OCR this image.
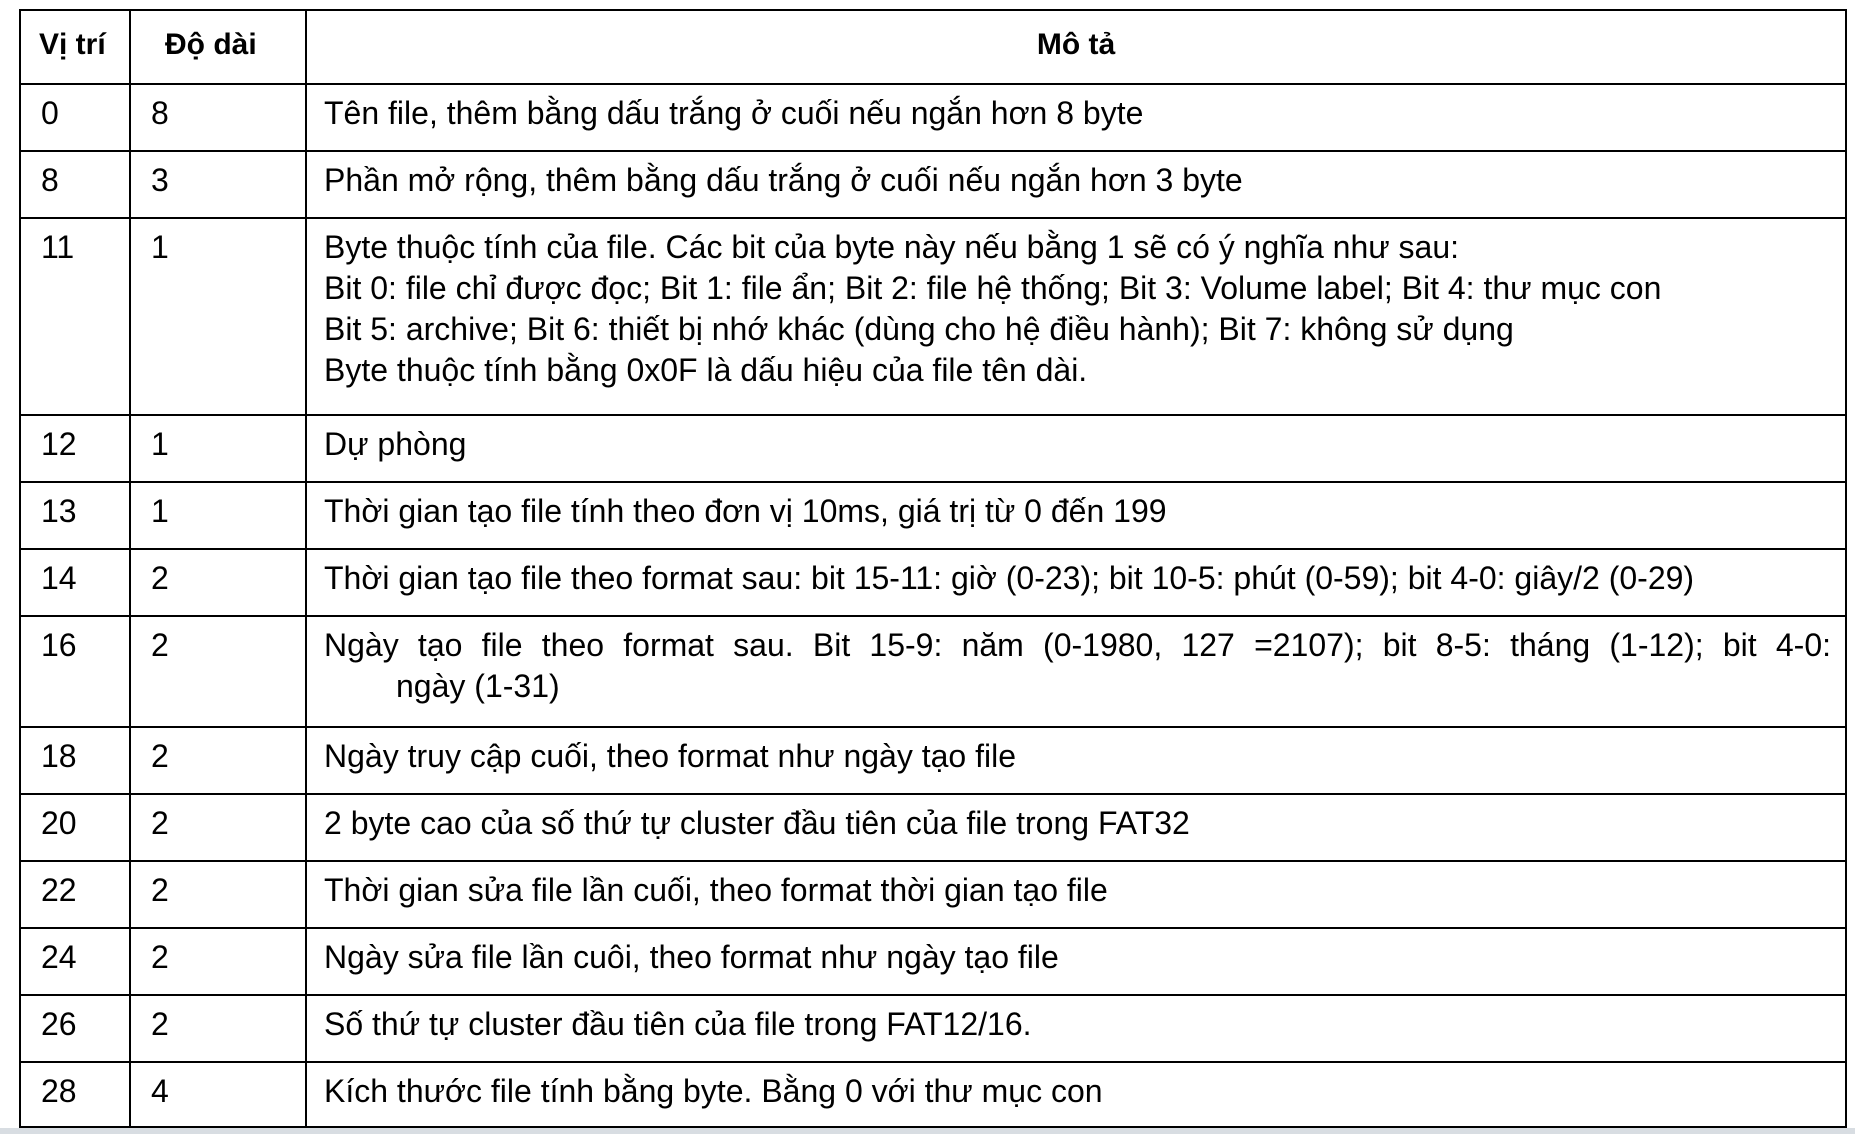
Vị trí	Độ dài	Mô tả
0	8	Tên file, thêm bằng dấu trắng ở cuối nếu ngắn hơn 8 byte

8	3	Phần mở rộng, thêm bằng dấu trắng ở cuối nếu ngắn hơn 3 byte

11	1	Byte thuộc tính của file. Các bit của byte này nếu bằng 1 sẽ có ý nghĩa như sau:
Bit 0: file chỉ được đọc; Bit 1: file ẩn; Bit 2: file hệ thống; Bit 3: Volume label; Bit 4: thư mục con
Bit 5: archive; Bit 6: thiết bị nhớ khác (dùng cho hệ điều hành); Bit 7: không sử dụng
Byte thuộc tính bằng 0x0F là dấu hiệu của file tên dài.

12	1	Dự phòng

13	1	Thời gian tạo file tính theo đơn vị 10ms, giá trị từ 0 đến 199

14	2	Thời gian tạo file theo format sau: bit 15-11: giờ (0-23); bit 10-5: phút (0-59); bit 4-0: giây/2 (0-29)

16	2	Ngày tạo file theo format sau. Bit 15-9: năm (0-1980, 127 =2107); bit 8-5: tháng (1-12); bit 4-0:
ngày (1-31)

18	2	Ngày truy cập cuối, theo format như ngày tạo file

20	2	2 byte cao của số thứ tự cluster đầu tiên của file trong FAT32

22	2	Thời gian sửa file lần cuối, theo format thời gian tạo file

24	2	Ngày sửa file lần cuôi, theo format như ngày tạo file

26	2	Số thứ tự cluster đầu tiên của file trong FAT12/16.

28	4	Kích thước file tính bằng byte. Bằng 0 với thư mục con
